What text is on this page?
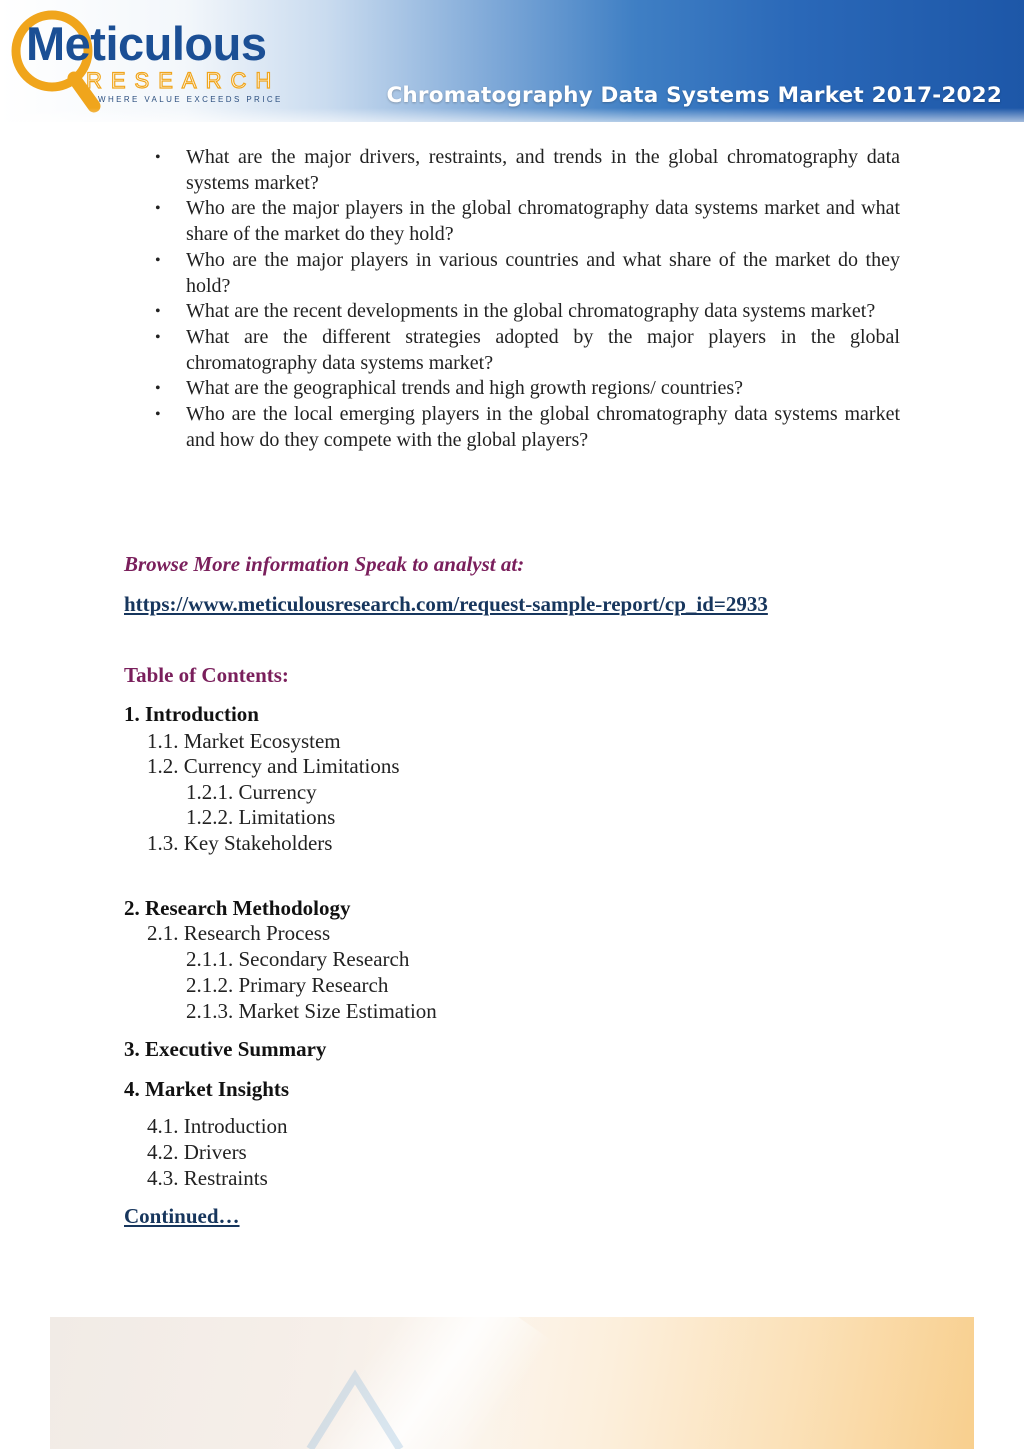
Meticulous
RESEARCH
WHERE VALUE EXCEEDS PRICE	Chromatography Data Systems Market 2017-2022
• What are the major drivers, restraints, and trends in the global chromatography data systems market?
• Who are the major players in the global chromatography data systems market and what share of the market do they hold?
• Who are the major players in various countries and what share of the market do they hold?
• What are the recent developments in the global chromatography data systems market?
• What are the different strategies adopted by the major players in the global chromatography data systems market?
• What are the geographical trends and high growth regions/ countries?
• Who are the local emerging players in the global chromatography data systems market and how do they compete with the global players?

Browse More information Speak to analyst at:

https://www.meticulousresearch.com/request-sample-report/cp_id=2933

Table of Contents:

1. Introduction
1.1. Market Ecosystem
1.2. Currency and Limitations
1.2.1. Currency
1.2.2. Limitations
1.3. Key Stakeholders
2. Research Methodology
2.1. Research Process
2.1.1. Secondary Research
2.1.2. Primary Research
2.1.3. Market Size Estimation
3. Executive Summary
4. Market Insights
4.1. Introduction
4.2. Drivers
4.3. Restraints
Continued…
